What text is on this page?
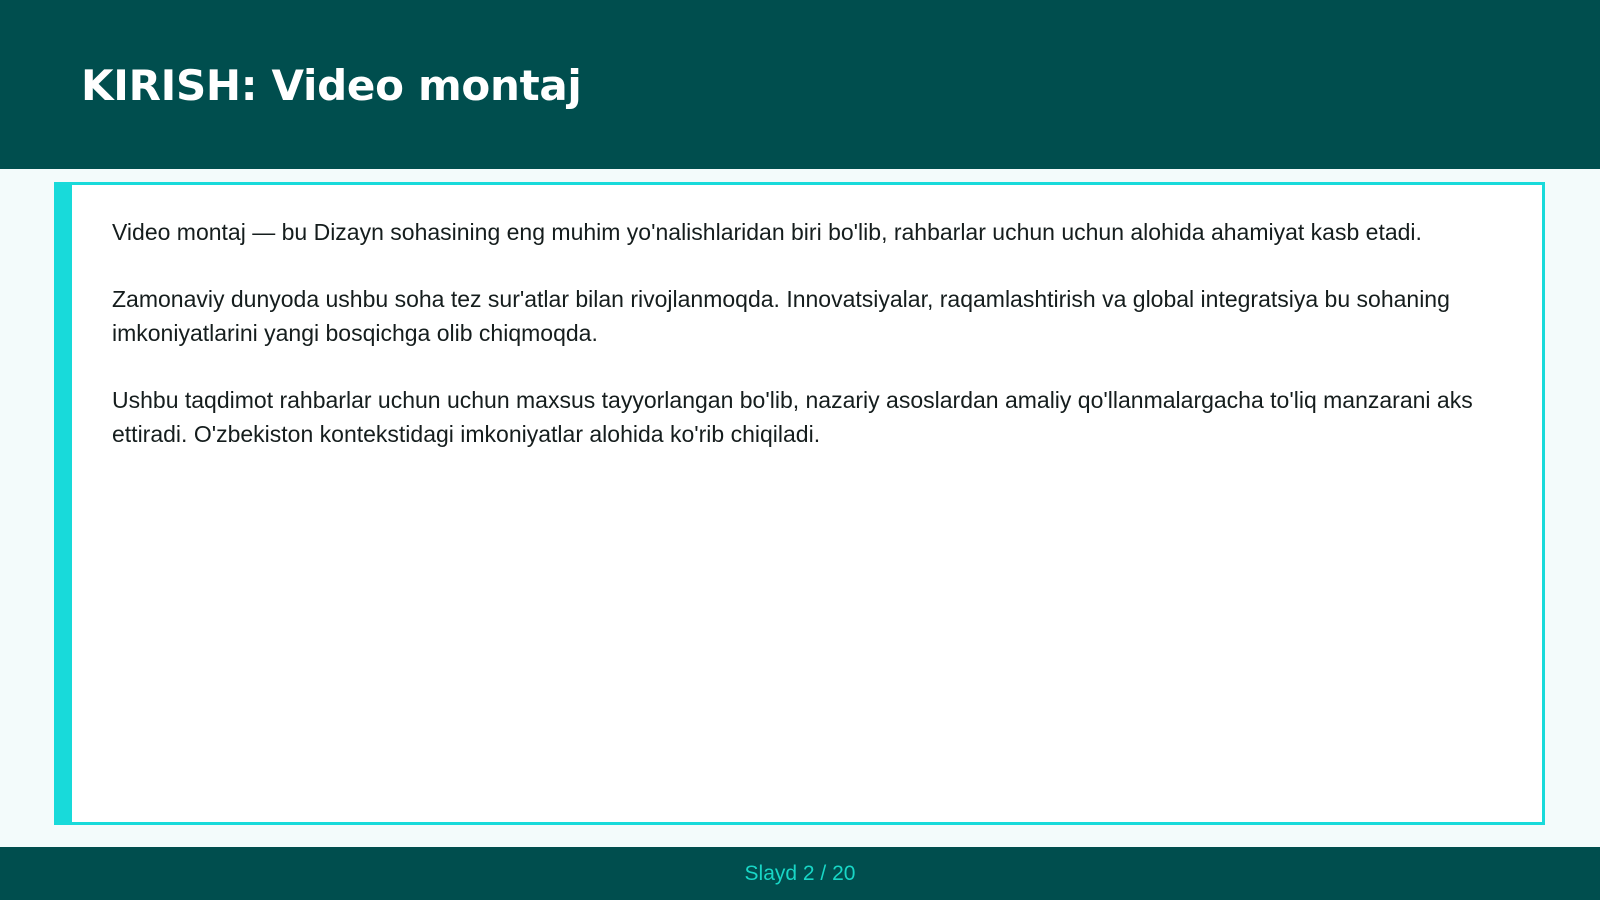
KIRISH: Video montaj

Video montaj — bu Dizayn sohasining eng muhim yo'nalishlaridan biri bo'lib, rahbarlar uchun uchun alohida ahamiyat kasb etadi.

Zamonaviy dunyoda ushbu soha tez sur'atlar bilan rivojlanmoqda. Innovatsiyalar, raqamlashtirish va global integratsiya bu sohaning imkoniyatlarini yangi bosqichga olib chiqmoqda.

Ushbu taqdimot rahbarlar uchun uchun maxsus tayyorlangan bo'lib, nazariy asoslardan amaliy qo'llanmalargacha to'liq manzarani aks ettiradi. O'zbekiston kontekstidagi imkoniyatlar alohida ko'rib chiqiladi.

Slayd 2 / 20
